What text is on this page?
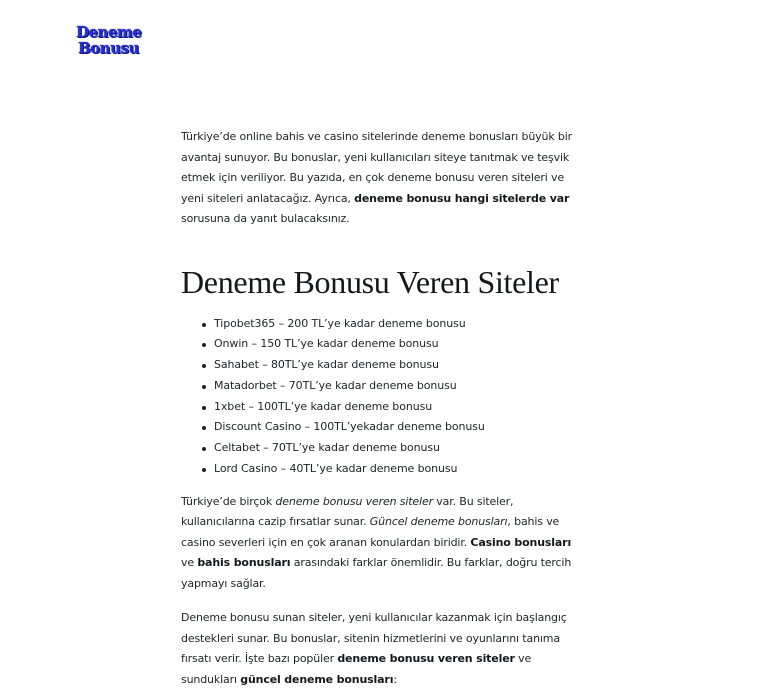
Deneme
Bonusu

Türkiye’de online bahis ve casino sitelerinde deneme bonusları büyük bir avantaj sunuyor. Bu bonuslar, yeni kullanıcıları siteye tanıtmak ve teşvik etmek için veriliyor. Bu yazıda, en çok deneme bonusu veren siteleri ve yeni siteleri anlatacağız. Ayrıca, deneme bonusu hangi sitelerde var sorusuna da yanıt bulacaksınız.

Deneme Bonusu Veren Siteler
Tipobet365 – 200 TL’ye kadar deneme bonusu
Onwin – 150 TL’ye kadar deneme bonusu
Sahabet – 80TL’ye kadar deneme bonusu
Matadorbet – 70TL’ye kadar deneme bonusu
1xbet – 100TL’ye kadar deneme bonusu
Discount Casino – 100TL’yekadar deneme bonusu
Celtabet – 70TL’ye kadar deneme bonusu
Lord Casino – 40TL’ye kadar deneme bonusu

Türkiye’de birçok deneme bonusu veren siteler var. Bu siteler, kullanıcılarına cazip fırsatlar sunar. Güncel deneme bonusları, bahis ve casino severleri için en çok aranan konulardan biridir. Casino bonusları ve bahis bonusları arasındaki farklar önemlidir. Bu farklar, doğru tercih yapmayı sağlar.

Deneme bonusu sunan siteler, yeni kullanıcılar kazanmak için başlangıç destekleri sunar. Bu bonuslar, sitenin hizmetlerini ve oyunlarını tanıma fırsatı verir. İşte bazı popüler deneme bonusu veren siteler ve sundukları güncel deneme bonusları:
